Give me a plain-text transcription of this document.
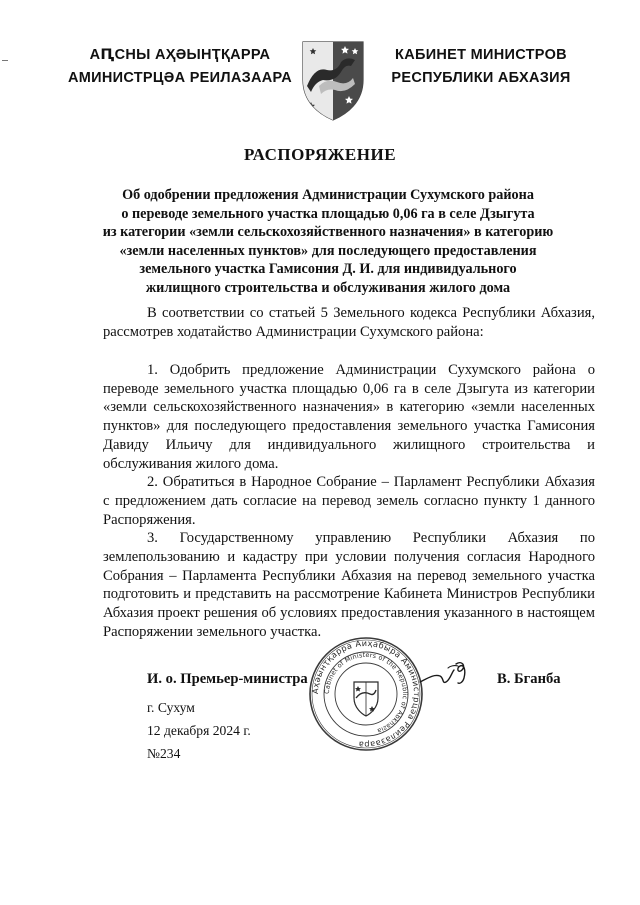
АԤСНЫ АҲӘЫНҬҚАРРА
АМИНИСТРЦӘА РЕИЛАЗААРА
КАБИНЕТ МИНИСТРОВ
РЕСПУБЛИКИ АБХАЗИЯ
РАСПОРЯЖЕНИЕ
Об одобрении предложения Администрации Сухумского района
о переводе земельного участка площадью 0,06 га в селе Дзыгута
из категории «земли сельскохозяйственного назначения» в категорию
«земли населенных пунктов» для последующего предоставления
земельного участка Гамисония Д. И. для индивидуального
жилищного строительства и обслуживания жилого дома

В соответствии со статьей 5 Земельного кодекса Республики Абхазия, рассмотрев ходатайство Администрации Сухумского района:

1. Одобрить предложение Администрации Сухумского района о переводе земельного участка площадью 0,06 га в селе Дзыгута из категории «земли сельскохозяйственного назначения» в категорию «земли населенных пунктов» для последующего предоставления земельного участка Гамисония Давиду Ильичу для индивидуального жилищного строительства и обслуживания жилого дома.

2. Обратиться в Народное Собрание – Парламент Республики Абхазия с предложением дать согласие на перевод земель согласно пункту 1 данного Распоряжения.

3. Государственному управлению Республики Абхазия по землепользованию и кадастру при условии получения согласия Народного Собрания – Парламента Республики Абхазия на перевод земельного участка подготовить и представить на рассмотрение Кабинета Министров Республики Абхазия проект решения об условиях предоставления указанного в настоящем Распоряжении земельного участка.

И. о. Премьер-министра
Аҳәынҭқарра Аиҳабыра Аминистрцәа Реилазаара
Cabinet of Ministers of the Republic of Abkhazia
В. Бганба
г. Сухум
12 декабря 2024 г.
№234
